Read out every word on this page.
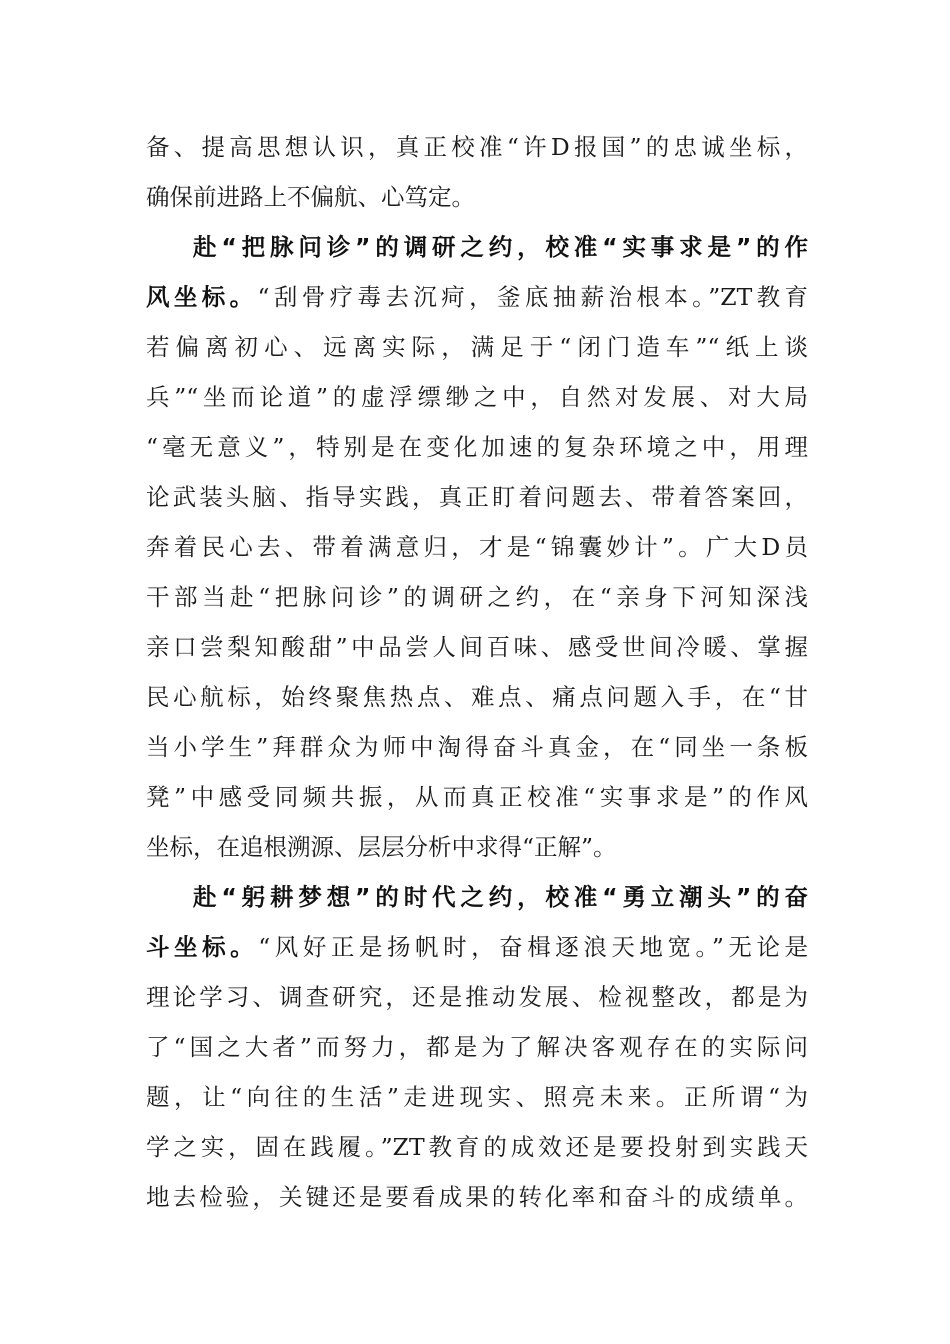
备、提高思想认识，真正校准“许D报国”的忠诚坐标，
确保前进路上不偏航、心笃定。
赴“把脉问诊”的调研之约，校准“实事求是”的作
风坐标。“刮骨疗毒去沉疴，釜底抽薪治根本。”ZT教育
若偏离初心、远离实际，满足于“闭门造车”“纸上谈
兵”“坐而论道”的虚浮缥缈之中，自然对发展、对大局
“毫无意义”，特别是在变化加速的复杂环境之中，用理
论武装头脑、指导实践，真正盯着问题去、带着答案回，
奔着民心去、带着满意归，才是“锦囊妙计”。广大D员
干部当赴“把脉问诊”的调研之约，在“亲身下河知深浅
亲口尝梨知酸甜”中品尝人间百味、感受世间冷暖、掌握
民心航标，始终聚焦热点、难点、痛点问题入手，在“甘
当小学生”拜群众为师中淘得奋斗真金，在“同坐一条板
凳”中感受同频共振，从而真正校准“实事求是”的作风
坐标，在追根溯源、层层分析中求得“正解”。
赴“躬耕梦想”的时代之约，校准“勇立潮头”的奋
斗坐标。“风好正是扬帆时，奋楫逐浪天地宽。”无论是
理论学习、调查研究，还是推动发展、检视整改，都是为
了“国之大者”而努力，都是为了解决客观存在的实际问
题，让“向往的生活”走进现实、照亮未来。正所谓“为
学之实，固在践履。”ZT教育的成效还是要投射到实践天
地去检验，关键还是要看成果的转化率和奋斗的成绩单。
